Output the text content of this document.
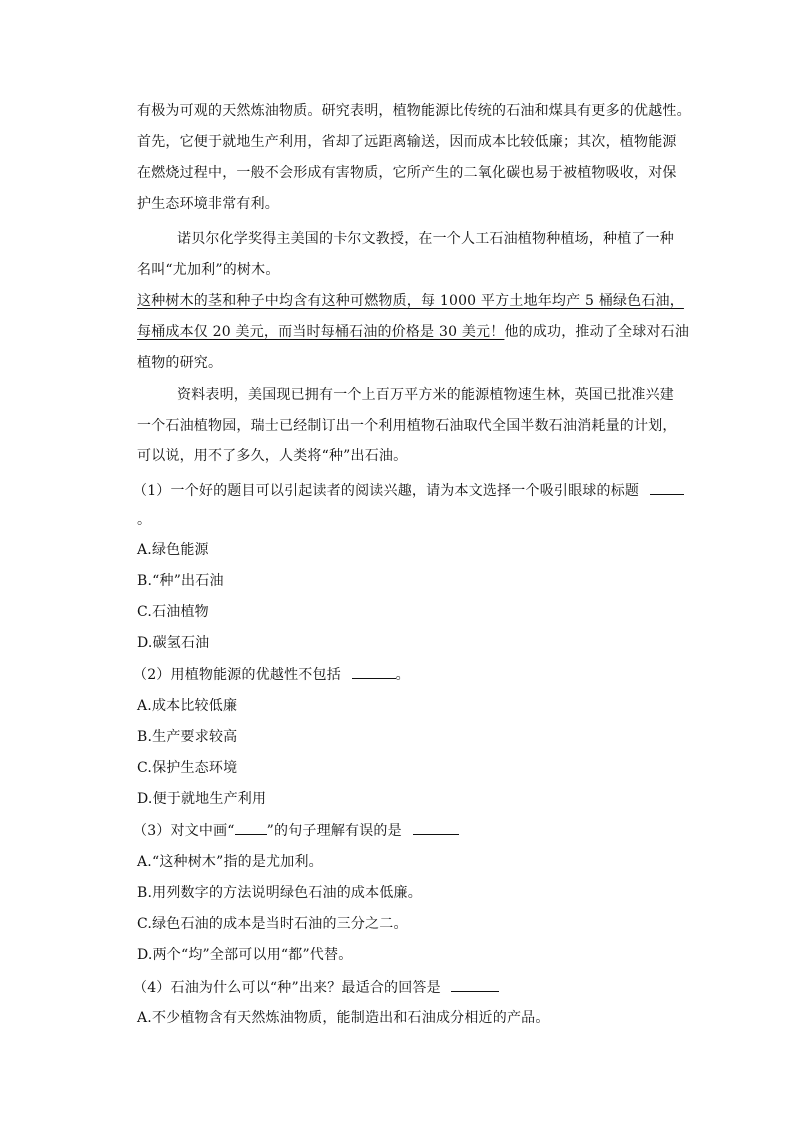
有极为可观的天然炼油物质。研究表明，植物能源比传统的石油和煤具有更多的优越性。
首先，它便于就地生产利用，省却了远距离输送，因而成本比较低廉；其次，植物能源
在燃烧过程中，一般不会形成有害物质，它所产生的二氧化碳也易于被植物吸收，对保
护生态环境非常有利。
诺贝尔化学奖得主美国的卡尔文教授，在一个人工石油植物种植场，种植了一种
名叫“尤加利”的树木。
这种树木的茎和种子中均含有这种可燃物质，每 1000 平方土地年均产 5 桶绿色石油，
每桶成本仅 20 美元，而当时每桶石油的价格是 30 美元！他的成功，推动了全球对石油
植物的研究。
资料表明，美国现已拥有一个上百万平方米的能源植物速生林，英国已批准兴建
一个石油植物园，瑞士已经制订出一个利用植物石油取代全国半数石油消耗量的计划，
可以说，用不了多久，人类将“种”出石油。
（1）一个好的题目可以引起读者的阅读兴趣，请为本文选择一个吸引眼球的标题
。
A.绿色能源
B.“种”出石油
C.石油植物
D.碳氢石油
（2）用植物能源的优越性不包括	。
A.成本比较低廉
B.生产要求较高
C.保护生态环境
D.便于就地生产利用
（3）对文中画“ ”的句子理解有误的是
A.“这种树木”指的是尤加利。
B.用列数字的方法说明绿色石油的成本低廉。
C.绿色石油的成本是当时石油的三分之二。
D.两个“均”全部可以用“都”代替。
（4）石油为什么可以“种”出来？最适合的回答是
A.不少植物含有天然炼油物质，能制造出和石油成分相近的产品。
